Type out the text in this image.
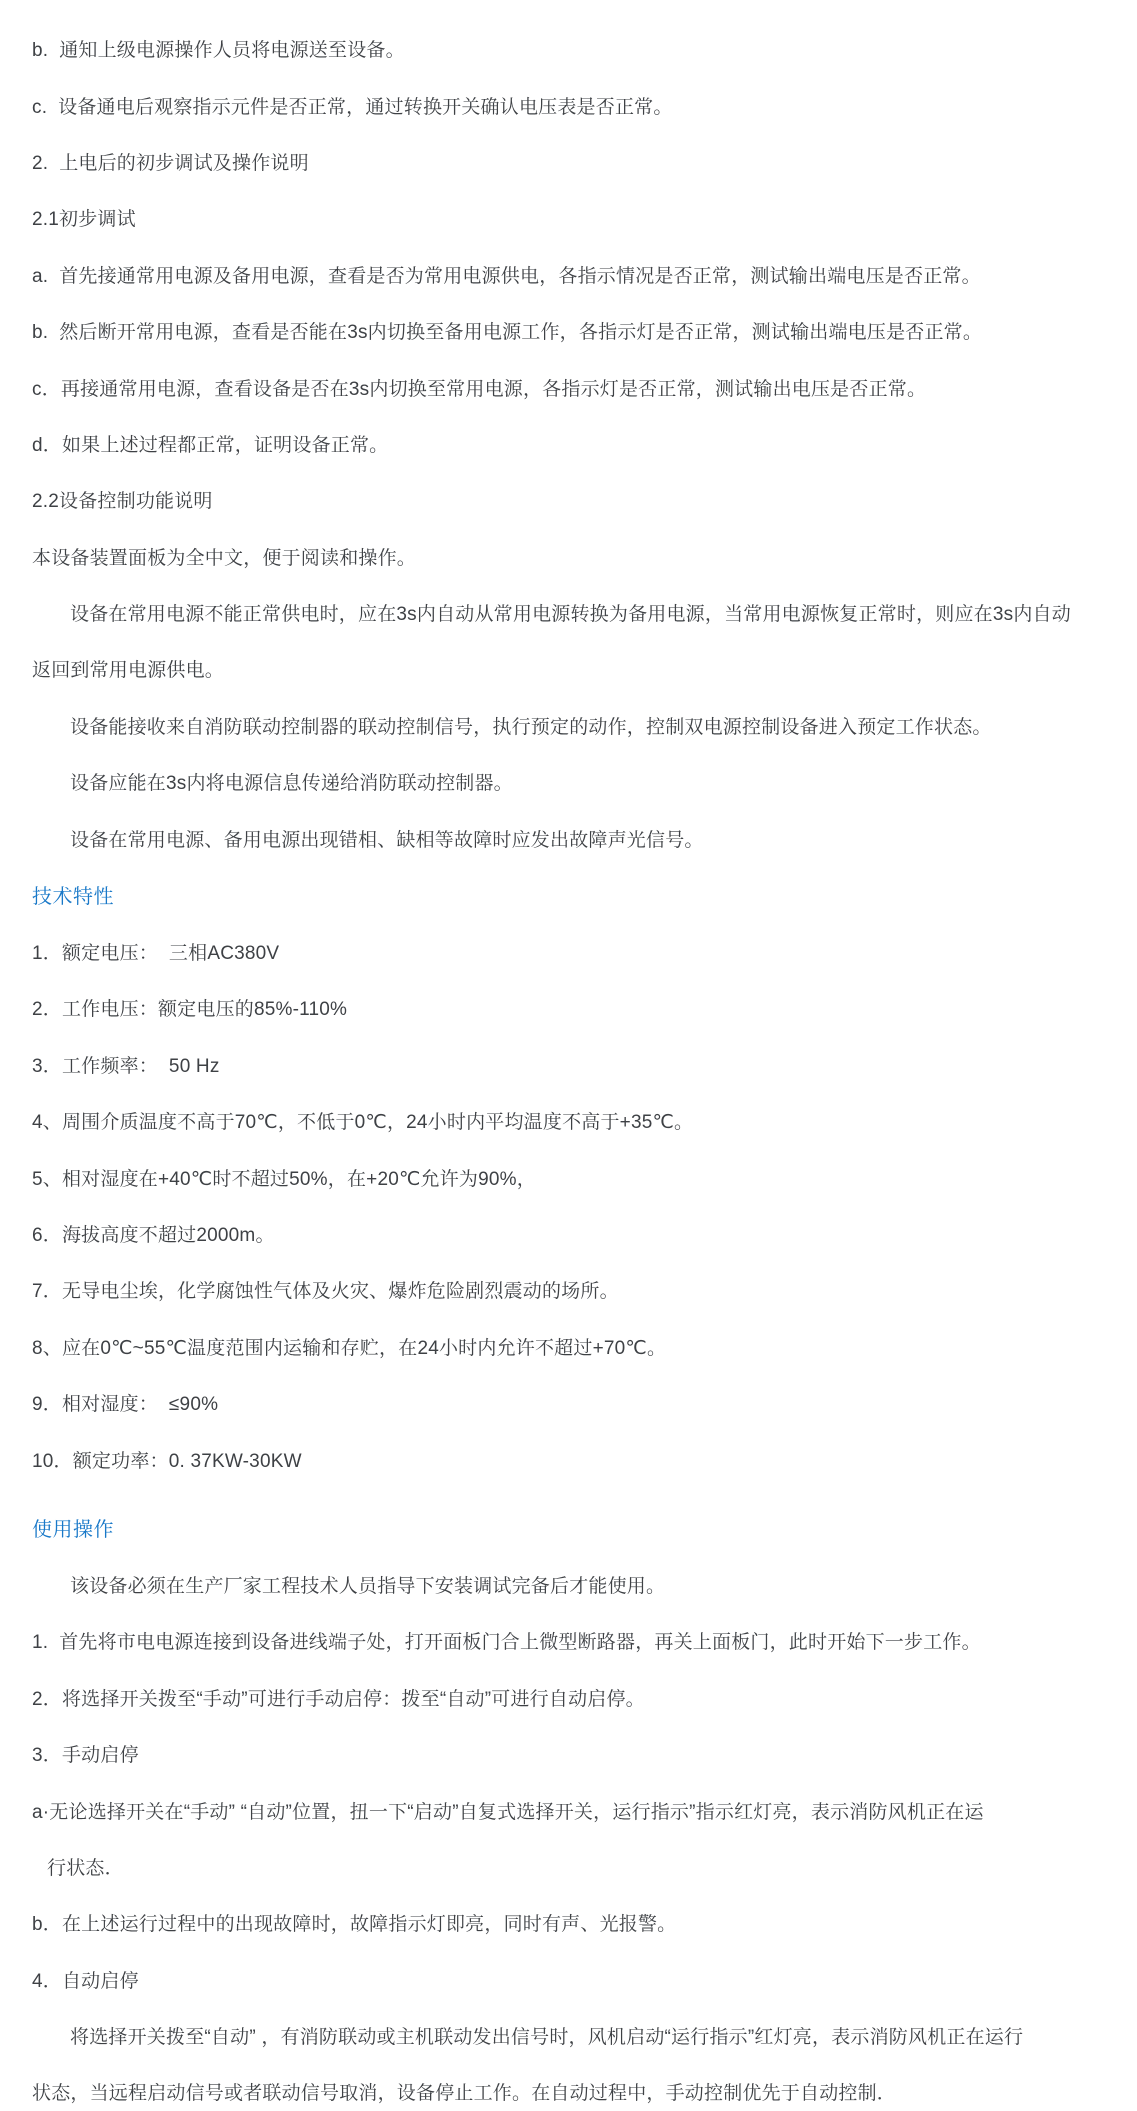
b.  通知上级电源操作人员将电源送至设备。

c.  设备通电后观察指示元件是否正常，通过转换开关确认电压表是否正常。

2.  上电后的初步调试及操作说明

2.1初步调试

a.  首先接通常用电源及备用电源，查看是否为常用电源供电，各指示情况是否正常，测试输出端电压是否正常。

b.  然后断开常用电源，查看是否能在3s内切换至备用电源工作，各指示灯是否正常，测试输出端电压是否正常。

c．再接通常用电源，查看设备是否在3s内切换至常用电源，各指示灯是否正常，测试输出电压是否正常。

d．如果上述过程都正常，证明设备正常。

2.2设备控制功能说明

本设备装置面板为全中文，便于阅读和操作。

设备在常用电源不能正常供电时，应在3s内自动从常用电源转换为备用电源，当常用电源恢复正常时，则应在3s内自动

返回到常用电源供电。

设备能接收来自消防联动控制器的联动控制信号，执行预定的动作，控制双电源控制设备进入预定工作状态。

设备应能在3s内将电源信息传递给消防联动控制器。

设备在常用电源、备用电源出现错相、缺相等故障时应发出故障声光信号。

技术特性

1．额定电压：  三相AC380V

2．工作电压：额定电压的85%-110%

3．工作频率：  50 Hz

4、周围介质温度不高于70℃，不低于0℃，24小时内平均温度不高于+35℃。

5、相对湿度在+40℃时不超过50%，在+20℃允许为90%，

6．海拔高度不超过2000m。

7．无导电尘埃，化学腐蚀性气体及火灾、爆炸危险剧烈震动的场所。

8、应在0℃~55℃温度范围内运输和存贮，在24小时内允许不超过+70℃。

9．相对湿度：  ≤90%

10．额定功率：0. 37KW-30KW

使用操作

该设备必须在生产厂家工程技术人员指导下安装调试完备后才能使用。

1.  首先将市电电源连接到设备进线端子处，打开面板门合上微型断路器，再关上面板门，此时开始下一步工作。

2．将选择开关拨至“手动”可进行手动启停：拨至“自动”可进行自动启停。

3．手动启停

a·无论选择开关在“手动” “自动”位置，扭一下“启动”自复式选择开关，运行指示”指示红灯亮，表示消防风机正在运

行状态．

b．在上述运行过程中的出现故障时，故障指示灯即亮，同时有声、光报警。

4．自动启停

将选择开关拨至“自动” ，有消防联动或主机联动发出信号时，风机启动“运行指示”红灯亮，表示消防风机正在运行

状态，当远程启动信号或者联动信号取消，设备停止工作。在自动过程中，手动控制优先于自动控制．
